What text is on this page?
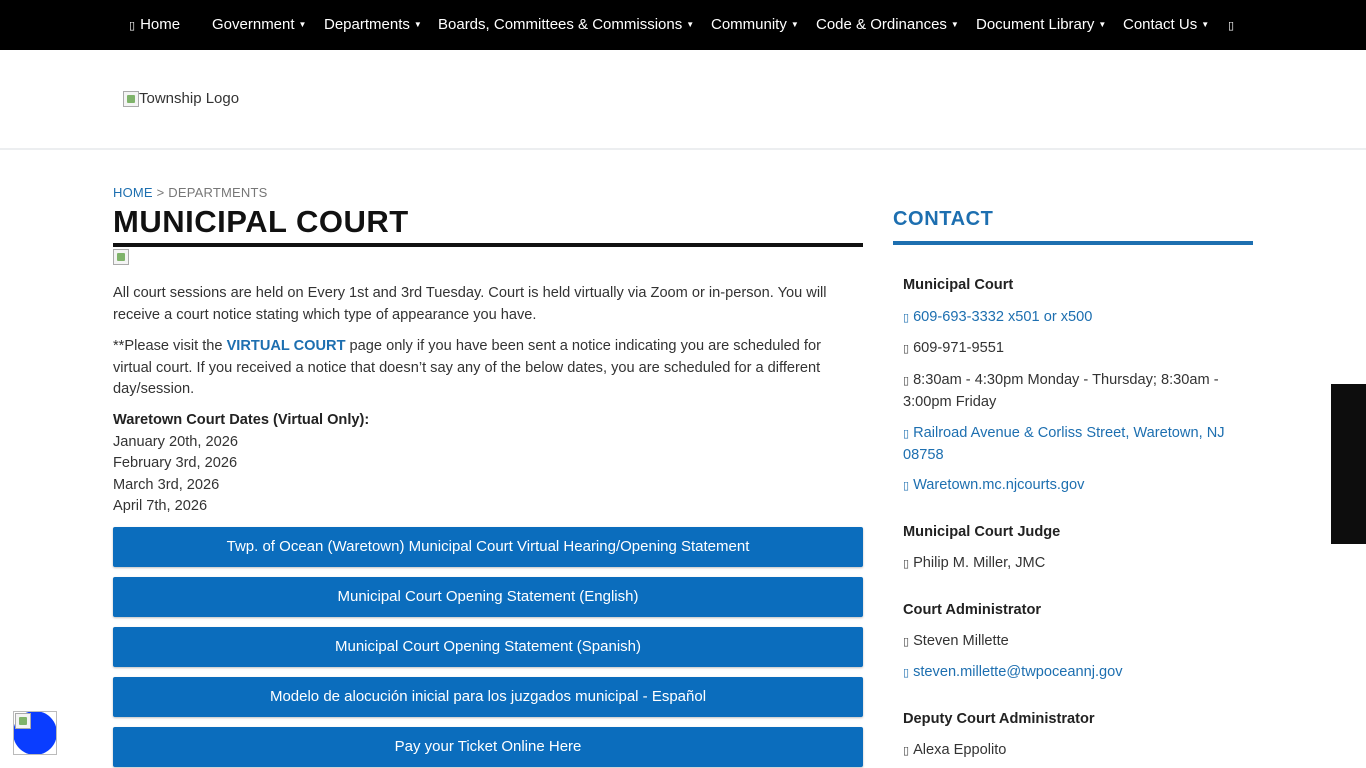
▯ Home Government ▼ Departments ▼ Boards, Committees & Commissions ▼ Community ▼ Code & Ordinances ▼ Document Library ▼ Contact Us ▼ ▯
Township Logo
HOME > DEPARTMENTS
MUNICIPAL COURT

All court sessions are held on Every 1st and 3rd Tuesday. Court is held virtually via Zoom or in-person. You will receive a court notice stating which type of appearance you have.

**Please visit the VIRTUAL COURT page only if you have been sent a notice indicating you are scheduled for virtual court. If you received a notice that doesn’t say any of the below dates, you are scheduled for a different day/session.

Waretown Court Dates (Virtual Only):
January 20th, 2026
February 3rd, 2026
March 3rd, 2026
April 7th, 2026
Twp. of Ocean (Waretown) Municipal Court Virtual Hearing/Opening Statement
Municipal Court Opening Statement (English)
Municipal Court Opening Statement (Spanish)
Modelo de alocución inicial para los juzgados municipal - Español
Pay your Ticket Online Here
CONTACT
Municipal Court
▯ 609-693-3332 x501 or x500
▯ 609-971-9551
▯ 8:30am - 4:30pm Monday - Thursday; 8:30am - 3:00pm Friday
▯ Railroad Avenue & Corliss Street, Waretown, NJ 08758
▯ Waretown.mc.njcourts.gov
Municipal Court Judge
▯ Philip M. Miller, JMC
Court Administrator
▯ Steven Millette
▯ steven.millette@twpoceannj.gov
Deputy Court Administrator
▯ Alexa Eppolito
